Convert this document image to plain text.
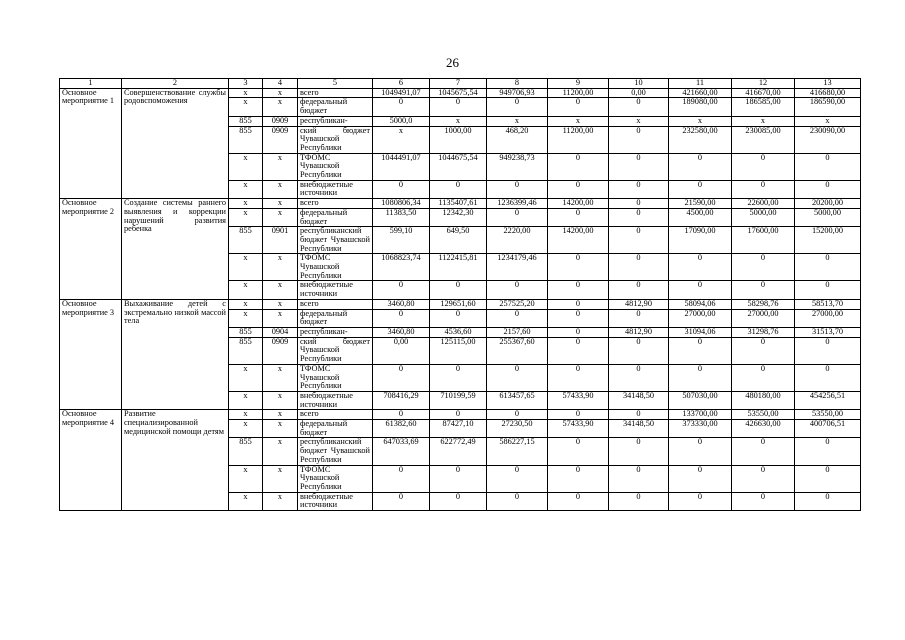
26
1	2	3	4	5	6	7	8	9	10	11	12	13
Основное мероприятие 1	Совершенствование службы родовспоможения	x	x	всего	1049491,07	1045675,54	949706,93	11200,00	0,00	421660,00	416670,00	416680,00
		x	x	федеральный бюджет	0	0	0	0	0	189080,00	186585,00	186590,00
		855	0909	республикан-	5000,0	x	x	x	x	x	x	x
		855	0909	ский бюджет Чувашской Республики	x	1000,00	468,20	11200,00	0	232580,00	230085,00	230090,00
		x	x	ТФОМС Чувашской Республики	1044491,07	1044675,54	949238,73	0	0	0	0	0
		x	x	внебюджетные источники	0	0	0	0	0	0	0	0
Основное мероприятие 2	Создание системы раннего выявления и коррекции нарушений развития ребенка	x	x	всего	1080806,34	1135407,61	1236399,46	14200,00	0	21590,00	22600,00	20200,00
		x	x	федеральный бюджет	11383,50	12342,30	0	0	0	4500,00	5000,00	5000,00
		855	0901	республиканский бюджет Чувашской Республики	599,10	649,50	2220,00	14200,00	0	17090,00	17600,00	15200,00
		x	x	ТФОМС Чувашской Республики	1068823,74	1122415,81	1234179,46	0	0	0	0	0
		x	x	внебюджетные источники	0	0	0	0	0	0	0	0
Основное мероприятие 3	Выхаживание детей с экстремально низкой массой тела	x	x	всего	3460,80	129651,60	257525,20	0	4812,90	58094,06	58298,76	58513,70
		x	x	федеральный бюджет	0	0	0	0	0	27000,00	27000,00	27000,00
		855	0904	республикан-	3460,80	4536,60	2157,60	0	4812,90	31094,06	31298,76	31513,70
		855	0909	ский бюджет Чувашской Республики	0,00	125115,00	255367,60	0	0	0	0	0
		x	x	ТФОМС Чувашской Республики	0	0	0	0	0	0	0	0
		x	x	внебюджетные источники	708416,29	710199,59	613457,65	57433,90	34148,50	507030,00	480180,00	454256,51
Основное мероприятие 4	Развитие специализированной медицинской помощи детям	x	x	всего	0	0	0	0	0	133700,00	53550,00	53550,00
		x	x	федеральный бюджет	61382,60	87427,10	27230,50	57433,90	34148,50	373330,00	426630,00	400706,51
		855	x	республиканский бюджет Чувашской Республики	647033,69	622772,49	586227,15	0	0	0	0	0
		x	x	ТФОМС Чувашской Республики	0	0	0	0	0	0	0	0
		x	x	внебюджетные источники	0	0	0	0	0	0	0	0
